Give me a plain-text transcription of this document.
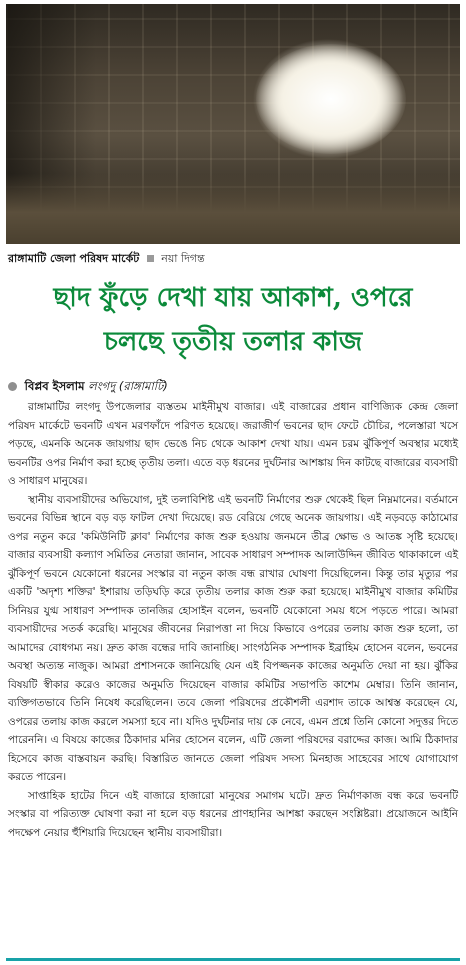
রাঙ্গামাটি জেলা পরিষদ মার্কেট নয়া দিগন্ত
ছাদ ফুঁড়ে দেখা যায় আকাশ, ওপরে
চলছে তৃতীয় তলার কাজ
বিপ্লব ইসলাম লংগদু (রাঙ্গামাটি)

রাঙ্গামাটির লংগদু উপজেলার ব্যস্ততম মাইনীমুখ বাজার। এই বাজারের প্রধান বাণিজ্যিক কেন্দ্র জেলা পরিষদ মার্কেটে ভবনটি এখন মরণফাঁদে পরিণত হয়েছে। জরাজীর্ণ ভবনের ছাদ ফেটে চৌচির, পলেস্তারা খসে পড়ছে, এমনকি অনেক জায়গায় ছাদ ভেঙে নিচ থেকে আকাশ দেখা যায়। এমন চরম ঝুঁকিপূর্ণ অবস্থার মধ্যেই ভবনটির ওপর নির্মাণ করা হচ্ছে তৃতীয় তলা। এতে বড় ধরনের দুর্ঘটনার আশঙ্কায় দিন কাটছে বাজারের ব্যবসায়ী ও সাধারণ মানুষের।

স্থানীয় ব্যবসায়ীদের অভিযোগ, দুই তলাবিশিষ্ট এই ভবনটি নির্মাণের শুরু থেকেই ছিল নিম্নমানের। বর্তমানে ভবনের বিভিন্ন স্থানে বড় বড় ফাটল দেখা দিয়েছে। রড বেরিয়ে গেছে অনেক জায়গায়। এই নড়বড়ে কাঠামোর ওপর নতুন করে 'কমিউনিটি ক্লাব' নির্মাণের কাজ শুরু হওয়ায় জনমনে তীব্র ক্ষোভ ও আতঙ্ক সৃষ্টি হয়েছে। বাজার ব্যবসায়ী কল্যাণ সমিতির নেতারা জানান, সাবেক সাধারণ সম্পাদক আলাউদ্দিন জীবিত থাকাকালে এই ঝুঁকিপূর্ণ ভবনে যেকোনো ধরনের সংস্কার বা নতুন কাজ বন্ধ রাখার ঘোষণা দিয়েছিলেন। কিন্তু তার মৃত্যুর পর একটি 'অদৃশ্য শক্তির' ইশারায় তড়িঘড়ি করে তৃতীয় তলার কাজ শুরু করা হয়েছে। মাইনীমুখ বাজার কমিটির সিনিয়র যুগ্ম সাধারণ সম্পাদক তানজির হোসাইন বলেন, ভবনটি যেকোনো সময় ধসে পড়তে পারে। আমরা ব্যবসায়ীদের সতর্ক করেছি। মানুষের জীবনের নিরাপত্তা না দিয়ে কিভাবে ওপরের তলায় কাজ শুরু হলো, তা আমাদের বোধগম্য নয়। দ্রুত কাজ বন্ধের দাবি জানাচ্ছি। সাংগঠনিক সম্পাদক ইব্রাহিম হোসেন বলেন, ভবনের অবস্থা অত্যন্ত নাজুক। আমরা প্রশাসনকে জানিয়েছি যেন এই বিপজ্জনক কাজের অনুমতি দেয়া না হয়। ঝুঁকির বিষয়টি স্বীকার করেও কাজের অনুমতি দিয়েছেন বাজার কমিটির সভাপতি কাশেম মেম্বার। তিনি জানান, ব্যক্তিগতভাবে তিনি নিষেধ করেছিলেন। তবে জেলা পরিষদের প্রকৌশলী এরশাদ তাকে আশ্বস্ত করেছেন যে, ওপরের তলায় কাজ করলে সমস্যা হবে না। যদিও দুর্ঘটনার দায় কে নেবে, এমন প্রশ্নে তিনি কোনো সদুত্তর দিতে পারেননি। এ বিষয়ে কাজের ঠিকাদার মনির হোসেন বলেন, এটি জেলা পরিষদের বরাদ্দের কাজ। আমি ঠিকাদার হিসেবে কাজ বাস্তবায়ন করছি। বিস্তারিত জানতে জেলা পরিষদ সদস্য মিনহাজ সাহেবের সাথে যোগাযোগ করতে পারেন।

সাপ্তাহিক হাটের দিনে এই বাজারে হাজারো মানুষের সমাগম ঘটে। দ্রুত নির্মাণকাজ বন্ধ করে ভবনটি সংস্কার বা পরিত্যক্ত ঘোষণা করা না হলে বড় ধরনের প্রাণহানির আশঙ্কা করছেন সংশ্লিষ্টরা। প্রয়োজনে আইনি পদক্ষেপ নেয়ার হুঁশিয়ারি দিয়েছেন স্থানীয় ব্যবসায়ীরা।
